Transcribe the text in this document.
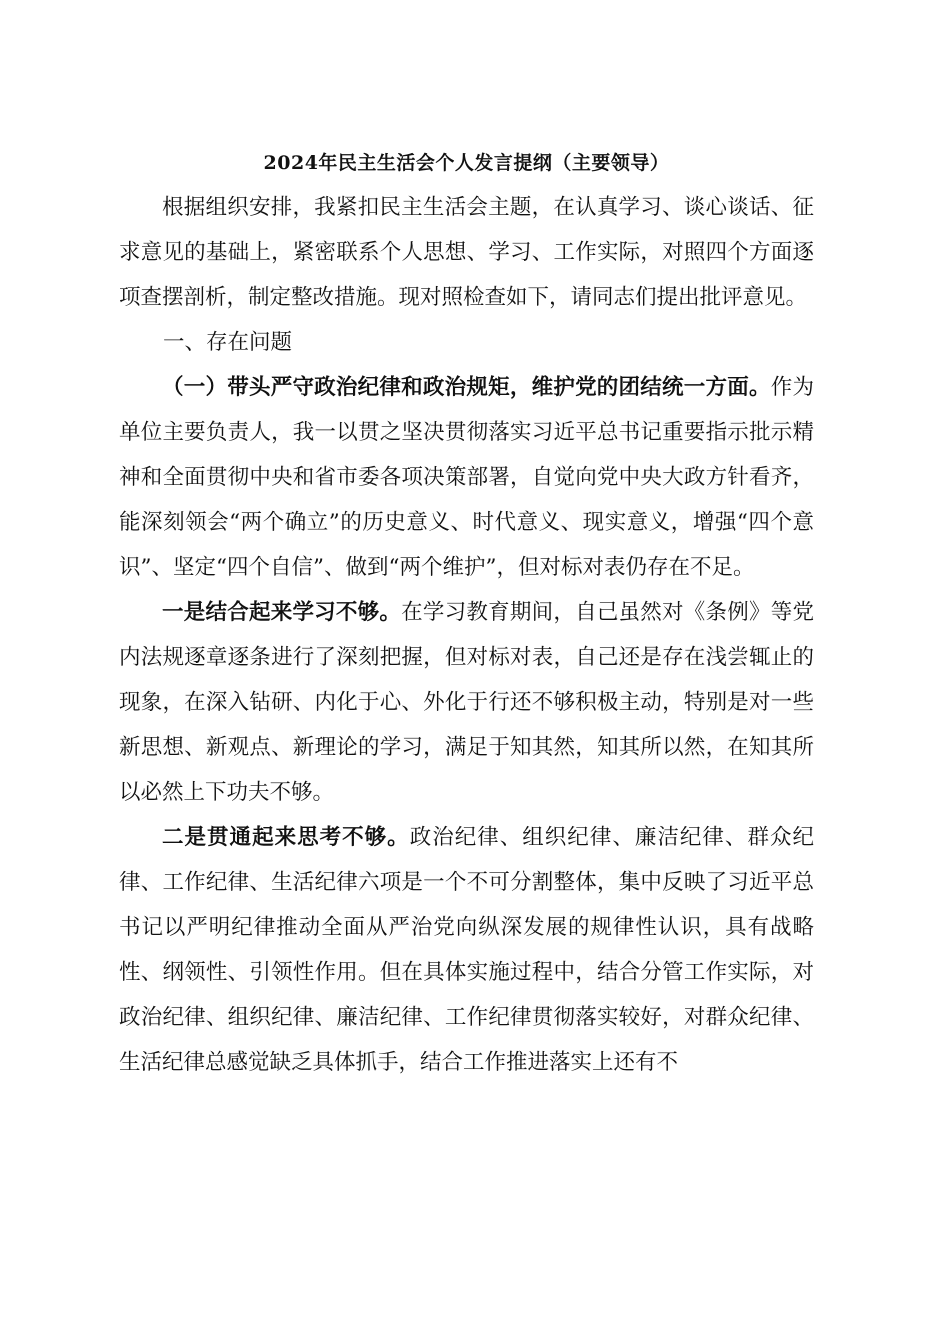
2024年民主生活会个人发言提纲（主要领导）

根据组织安排，我紧扣民主生活会主题，在认真学习、谈心谈话、征求意见的基础上，紧密联系个人思想、学习、工作实际，对照四个方面逐项查摆剖析，制定整改措施。现对照检查如下，请同志们提出批评意见。

一、存在问题

（一）带头严守政治纪律和政治规矩，维护党的团结统一方面。作为单位主要负责人，我一以贯之坚决贯彻落实习近平总书记重要指示批示精神和全面贯彻中央和省市委各项决策部署，自觉向党中央大政方针看齐，能深刻领会“两个确立”的历史意义、时代意义、现实意义，增强“四个意识”、坚定“四个自信”、做到“两个维护”，但对标对表仍存在不足。

一是结合起来学习不够。在学习教育期间，自己虽然对《条例》等党内法规逐章逐条进行了深刻把握，但对标对表，自己还是存在浅尝辄止的现象，在深入钻研、内化于心、外化于行还不够积极主动，特别是对一些新思想、新观点、新理论的学习，满足于知其然，知其所以然，在知其所以必然上下功夫不够。

二是贯通起来思考不够。政治纪律、组织纪律、廉洁纪律、群众纪律、工作纪律、生活纪律六项是一个不可分割整体，集中反映了习近平总书记以严明纪律推动全面从严治党向纵深发展的规律性认识，具有战略性、纲领性、引领性作用。但在具体实施过程中，结合分管工作实际，对政治纪律、组织纪律、廉洁纪律、工作纪律贯彻落实较好，对群众纪律、生活纪律总感觉缺乏具体抓手，结合工作推进落实上还有不
